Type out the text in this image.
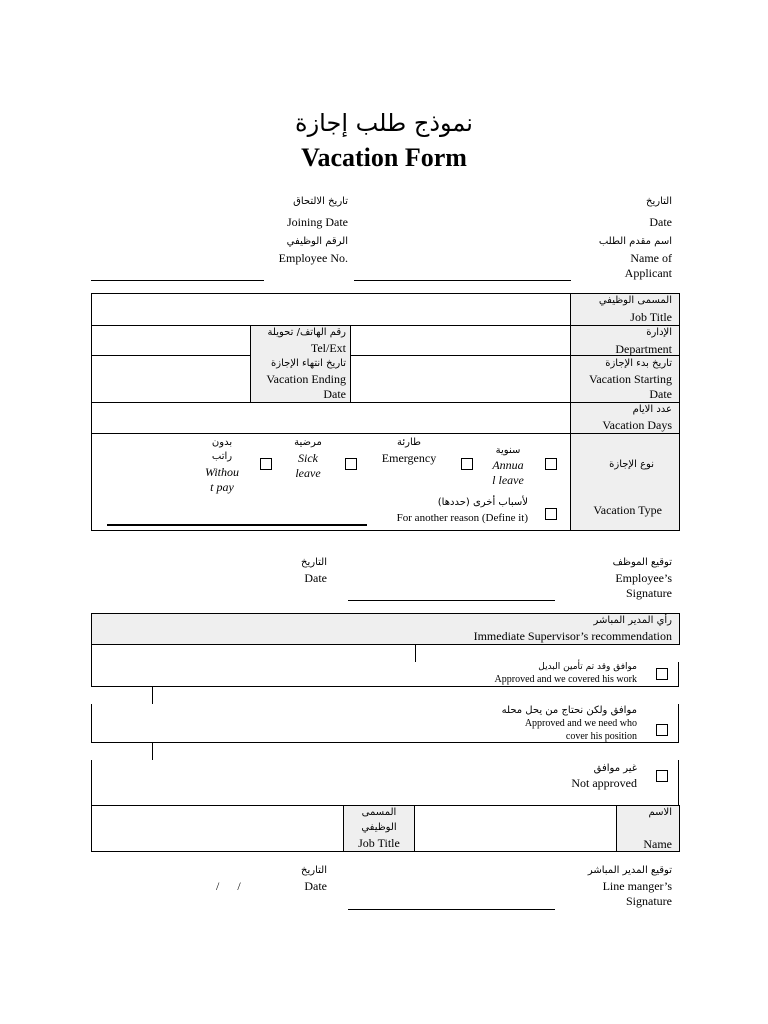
نموذج طلب إجازة
Vacation Form
التاريخ
Date
اسم مقدم الطلب
Name of
Applicant
تاريخ الالتحاق
Joining Date
الرقم الوظيفي
Employee No.
المسمى الوظيفي
Job Title
الإدارة
Department
رقم الهاتف/ تحويلة
Tel/Ext
تاريخ بدء الإجازة
Vacation Starting
Date
تاريخ انتهاء الإجازة
Vacation Ending
Date
عدد الايام
Vacation Days
نوع الإجازة
Vacation Type
سنوية
Annua
l leave
طارئة
Emergency
مرضية
Sick
leave
بدون
راتب
Withou
t pay
لأسباب أخرى (حددها)
For another reason (Define it)
توقيع الموظف
Employee’s
Signature
التاريخ
Date
رأي المدير المباشر
Immediate Supervisor’s recommendation
موافق وقد تم تأمين البديل
Approved and we covered his work
موافق ولكن نحتاج من يحل محله
Approved and we need who
cover his position
غير موافق
Not approved
الاسم
Name
المسمى
الوظيفي
Job Title
توقيع المدير المباشر
Line manger’s
Signature
التاريخ
Date
/      /
